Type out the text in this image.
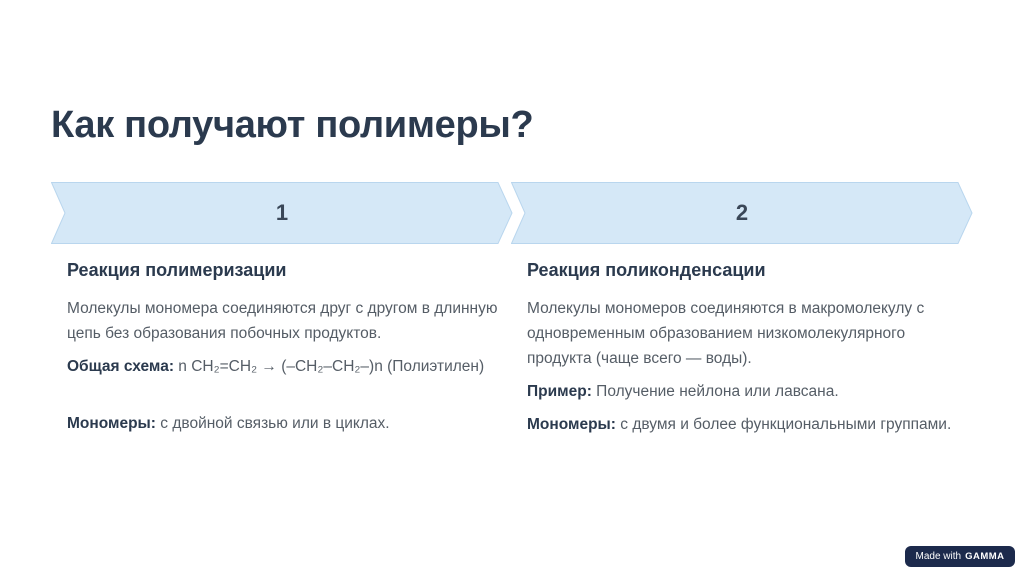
Как получают полимеры?
1	2
Реакция полимеризации

Молекулы мономера соединяются друг с другом в длинную цепь без образования побочных продуктов.

Общая схема: n CH₂=CH₂ → (–CH₂–CH₂–)n (Полиэтилен)

Мономеры: с двойной связью или в циклах.

Реакция поликонденсации

Молекулы мономеров соединяются в макромолекулу с одновременным образованием низкомолекулярного продукта (чаще всего — воды).

Пример: Получение нейлона или лавсана.

Мономеры: с двумя и более функциональными группами.

Made with GAMMA
